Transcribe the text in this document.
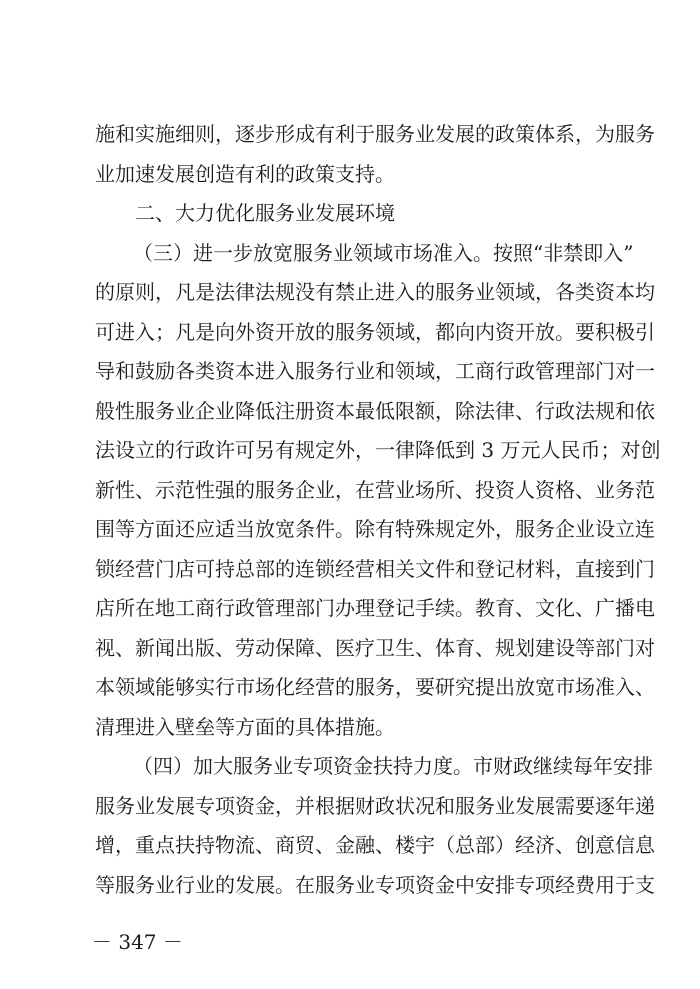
施和实施细则，逐步形成有利于服务业发展的政策体系，为服务
业加速发展创造有利的政策支持。
二、大力优化服务业发展环境
（三）进一步放宽服务业领域市场准入。按照“非禁即入”
的原则，凡是法律法规没有禁止进入的服务业领域，各类资本均
可进入；凡是向外资开放的服务领域，都向内资开放。要积极引
导和鼓励各类资本进入服务行业和领域，工商行政管理部门对一
般性服务业企业降低注册资本最低限额，除法律、行政法规和依
法设立的行政许可另有规定外，一律降低到 3 万元人民币；对创
新性、示范性强的服务企业，在营业场所、投资人资格、业务范
围等方面还应适当放宽条件。除有特殊规定外，服务企业设立连
锁经营门店可持总部的连锁经营相关文件和登记材料，直接到门
店所在地工商行政管理部门办理登记手续。教育、文化、广播电
视、新闻出版、劳动保障、医疗卫生、体育、规划建设等部门对
本领域能够实行市场化经营的服务，要研究提出放宽市场准入、
清理进入壁垒等方面的具体措施。
（四）加大服务业专项资金扶持力度。市财政继续每年安排
服务业发展专项资金，并根据财政状况和服务业发展需要逐年递
增，重点扶持物流、商贸、金融、楼宇（总部）经济、创意信息
等服务业行业的发展。在服务业专项资金中安排专项经费用于支
－ 347 －
